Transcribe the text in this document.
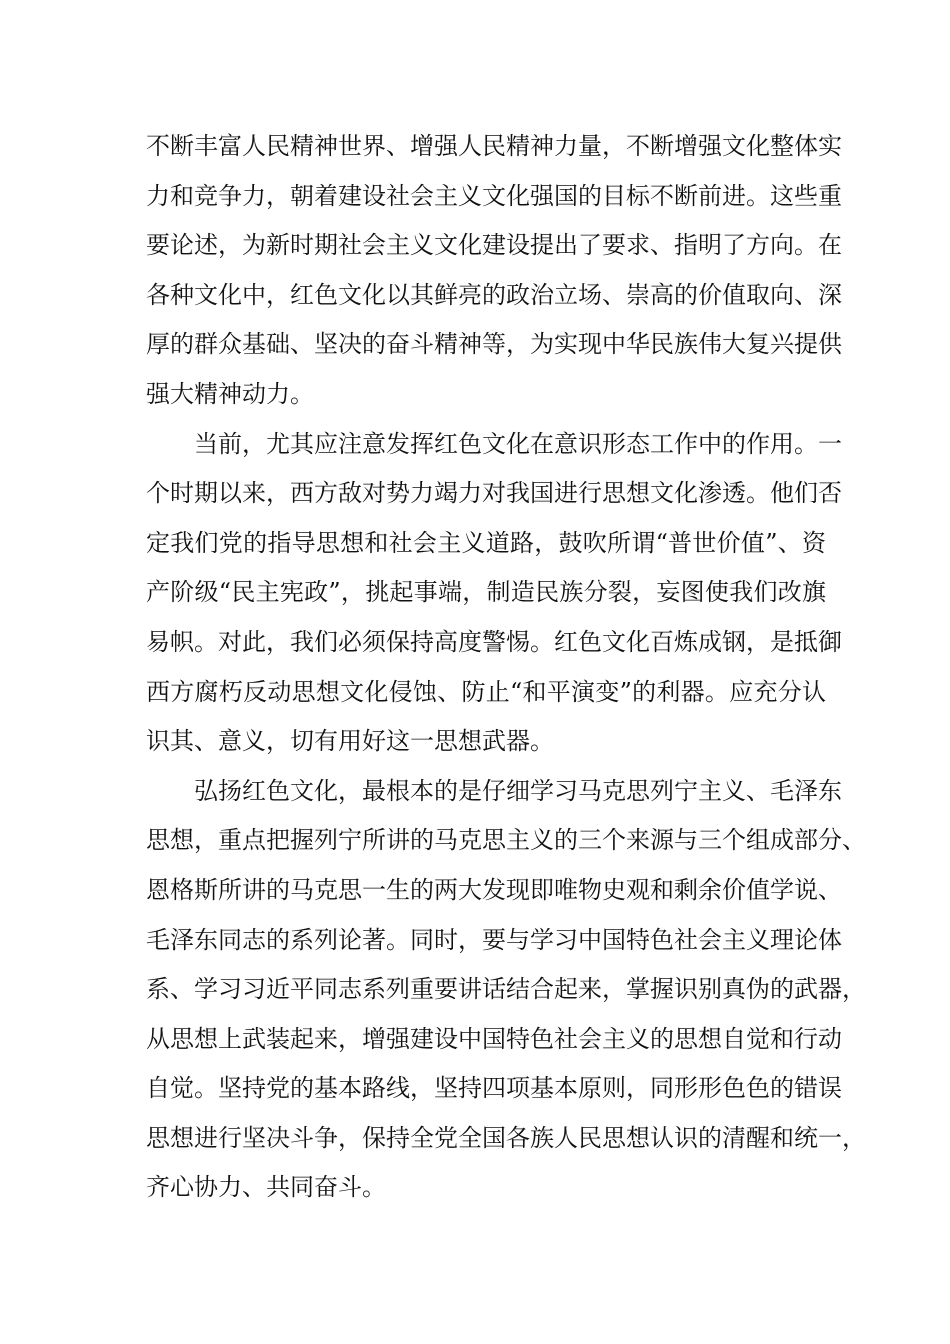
不断丰富人民精神世界、增强人民精神力量，不断增强文化整体实
力和竞争力，朝着建设社会主义文化强国的目标不断前进。这些重
要论述，为新时期社会主义文化建设提出了要求、指明了方向。在
各种文化中，红色文化以其鲜亮的政治立场、崇高的价值取向、深
厚的群众基础、坚决的奋斗精神等，为实现中华民族伟大复兴提供
强大精神动力。
当前，尤其应注意发挥红色文化在意识形态工作中的作用。一
个时期以来，西方敌对势力竭力对我国进行思想文化渗透。他们否
定我们党的指导思想和社会主义道路，鼓吹所谓“普世价值”、资
产阶级“民主宪政”，挑起事端，制造民族分裂，妄图使我们改旗
易帜。对此，我们必须保持高度警惕。红色文化百炼成钢，是抵御
西方腐朽反动思想文化侵蚀、防止“和平演变”的利器。应充分认
识其、意义，切有用好这一思想武器。
弘扬红色文化，最根本的是仔细学习马克思列宁主义、毛泽东
思想，重点把握列宁所讲的马克思主义的三个来源与三个组成部分、
恩格斯所讲的马克思一生的两大发现即唯物史观和剩余价值学说、
毛泽东同志的系列论著。同时，要与学习中国特色社会主义理论体
系、学习习近平同志系列重要讲话结合起来，掌握识别真伪的武器，
从思想上武装起来，增强建设中国特色社会主义的思想自觉和行动
自觉。坚持党的基本路线，坚持四项基本原则，同形形色色的错误
思想进行坚决斗争，保持全党全国各族人民思想认识的清醒和统一，
齐心协力、共同奋斗。
